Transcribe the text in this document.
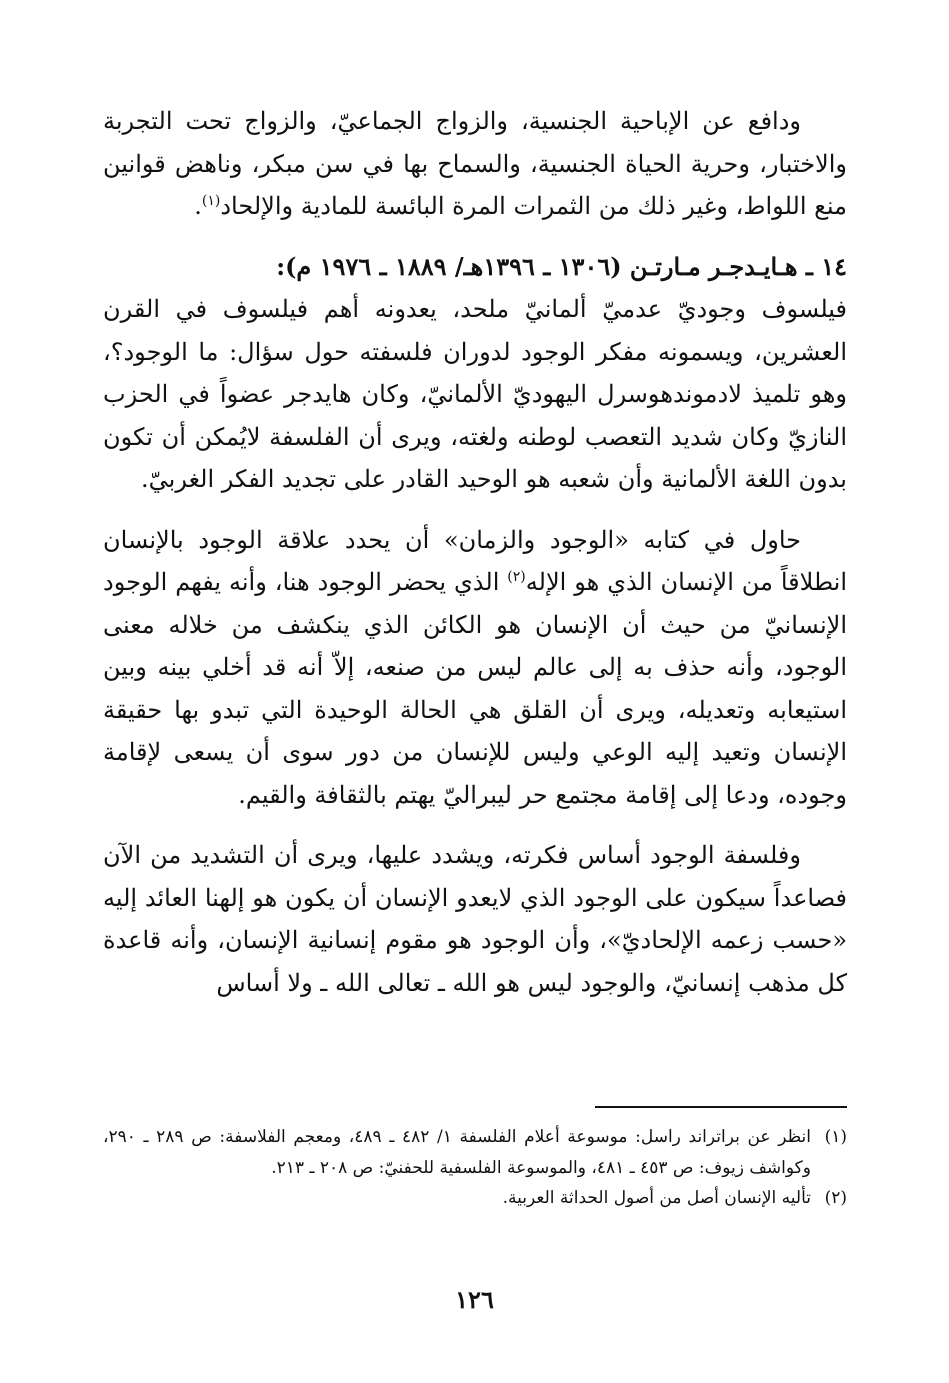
ودافع عن الإباحية الجنسية، والزواج الجماعيّ، والزواج تحت التجربة والاختبار، وحرية الحياة الجنسية، والسماح بها في سن مبكر، وناهض قوانين منع اللواط، وغير ذلك من الثمرات المرة البائسة للمادية والإلحاد$^{(١)}$.

١٤ ـ هـايـدجـر مـارتـن (١٣٠٦ ـ ١٣٩٦هـ/ ١٨٨٩ ـ ١٩٧٦ م):

فيلسوف وجوديّ عدميّ ألمانيّ ملحد، يعدونه أهم فيلسوف في القرن العشرين، ويسمونه مفكر الوجود لدوران فلسفته حول سؤال: ما الوجود؟، وهو تلميذ لادموندهوسرل اليهوديّ الألمانيّ، وكان هايدجر عضواً في الحزب النازيّ وكان شديد التعصب لوطنه ولغته، ويرى أن الفلسفة لايُمكن أن تكون بدون اللغة الألمانية وأن شعبه هو الوحيد القادر على تجديد الفكر الغربيّ.

حاول في كتابه «الوجود والزمان» أن يحدد علاقة الوجود بالإنسان انطلاقاً من الإنسان الذي هو الإله$^{(٢)}$ الذي يحضر الوجود هنا، وأنه يفهم الوجود الإنسانيّ من حيث أن الإنسان هو الكائن الذي ينكشف من خلاله معنى الوجود، وأنه حذف به إلى عالم ليس من صنعه، إلاّ أنه قد أخلي بينه وبين استيعابه وتعديله، ويرى أن القلق هي الحالة الوحيدة التي تبدو بها حقيقة الإنسان وتعيد إليه الوعي وليس للإنسان من دور سوى أن يسعى لإقامة وجوده، ودعا إلى إقامة مجتمع حر ليبراليّ يهتم بالثقافة والقيم.

وفلسفة الوجود أساس فكرته، ويشدد عليها، ويرى أن التشديد من الآن فصاعداً سيكون على الوجود الذي لايعدو الإنسان أن يكون هو إلهنا العائد إليه «حسب زعمه الإلحاديّ»، وأن الوجود هو مقوم إنسانية الإنسان، وأنه قاعدة كل مذهب إنسانيّ، والوجود ليس هو الله ـ تعالى الله ـ ولا أساس

(١)
انظر عن براتراند راسل: موسوعة أعلام الفلسفة ١/ ٤٨٢ ـ ٤٨٩، ومعجم الفلاسفة: ص ٢٨٩ ـ ٢٩٠، وكواشف زيوف: ص ٤٥٣ ـ ٤٨١، والموسوعة الفلسفية للحفنيّ: ص ٢٠٨ ـ ٢١٣.
(٢)
تأليه الإنسان أصل من أصول الحداثة العربية.
١٢٦
